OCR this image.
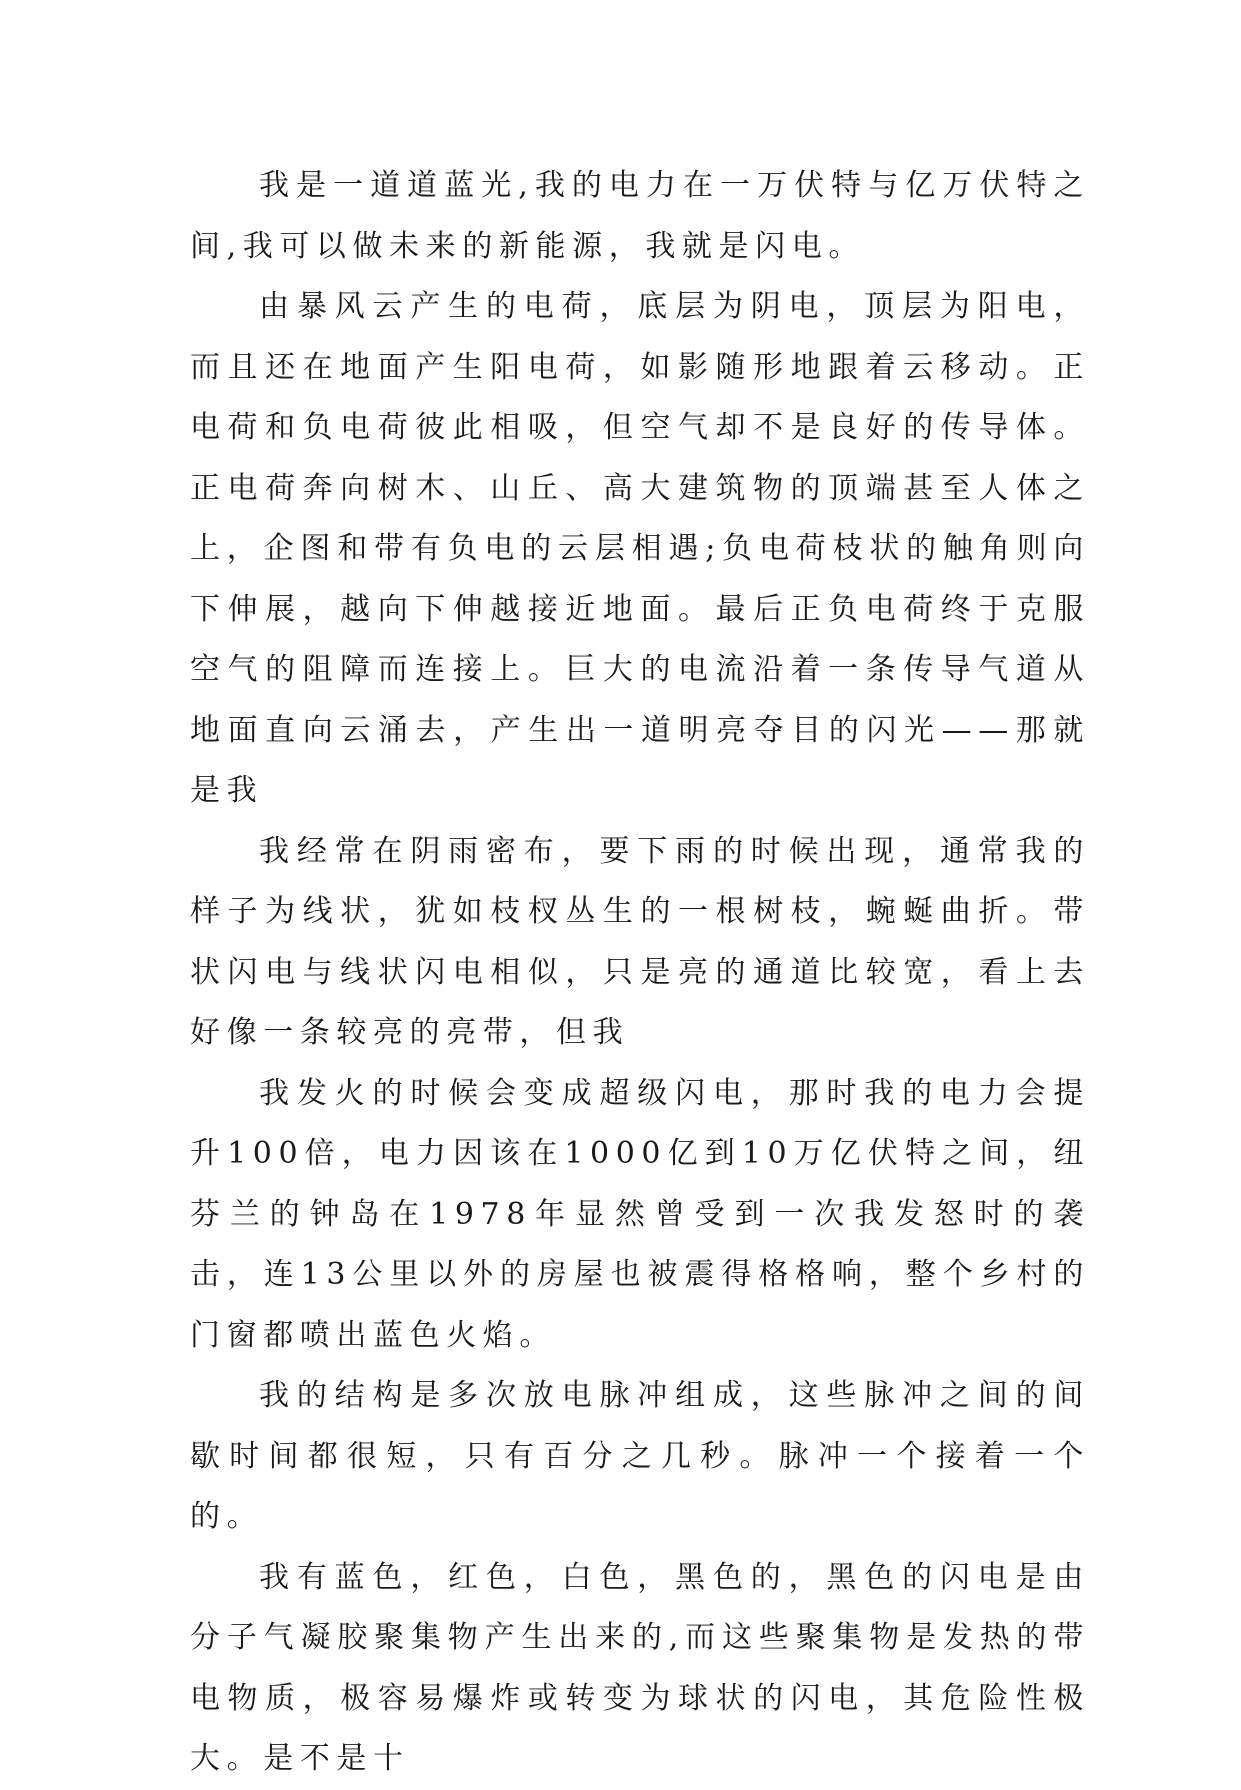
我是一道道蓝光,我的电力在一万伏特与亿万伏特之间,我可以做未来的新能源，我就是闪电。

由暴风云产生的电荷，底层为阴电，顶层为阳电，而且还在地面产生阳电荷，如影随形地跟着云移动。正电荷和负电荷彼此相吸，但空气却不是良好的传导体。正电荷奔向树木、山丘、高大建筑物的顶端甚至人体之上，企图和带有负电的云层相遇;负电荷枝状的触角则向下伸展，越向下伸越接近地面。最后正负电荷终于克服空气的阻障而连接上。巨大的电流沿着一条传导气道从地面直向云涌去，产生出一道明亮夺目的闪光——那就是我

我经常在阴雨密布，要下雨的时候出现，通常我的样子为线状，犹如枝杈丛生的一根树枝，蜿蜒曲折。带状闪电与线状闪电相似，只是亮的通道比较宽，看上去好像一条较亮的亮带，但我

我发火的时候会变成超级闪电，那时我的电力会提升100倍，电力因该在1000亿到10万亿伏特之间，纽芬兰的钟岛在1978年显然曾受到一次我发怒时的袭击，连13公里以外的房屋也被震得格格响，整个乡村的门窗都喷出蓝色火焰。

我的结构是多次放电脉冲组成，这些脉冲之间的间歇时间都很短，只有百分之几秒。脉冲一个接着一个的。

我有蓝色，红色，白色，黑色的，黑色的闪电是由分子气凝胶聚集物产生出来的,而这些聚集物是发热的带电物质，极容易爆炸或转变为球状的闪电，其危险性极大。是不是十
